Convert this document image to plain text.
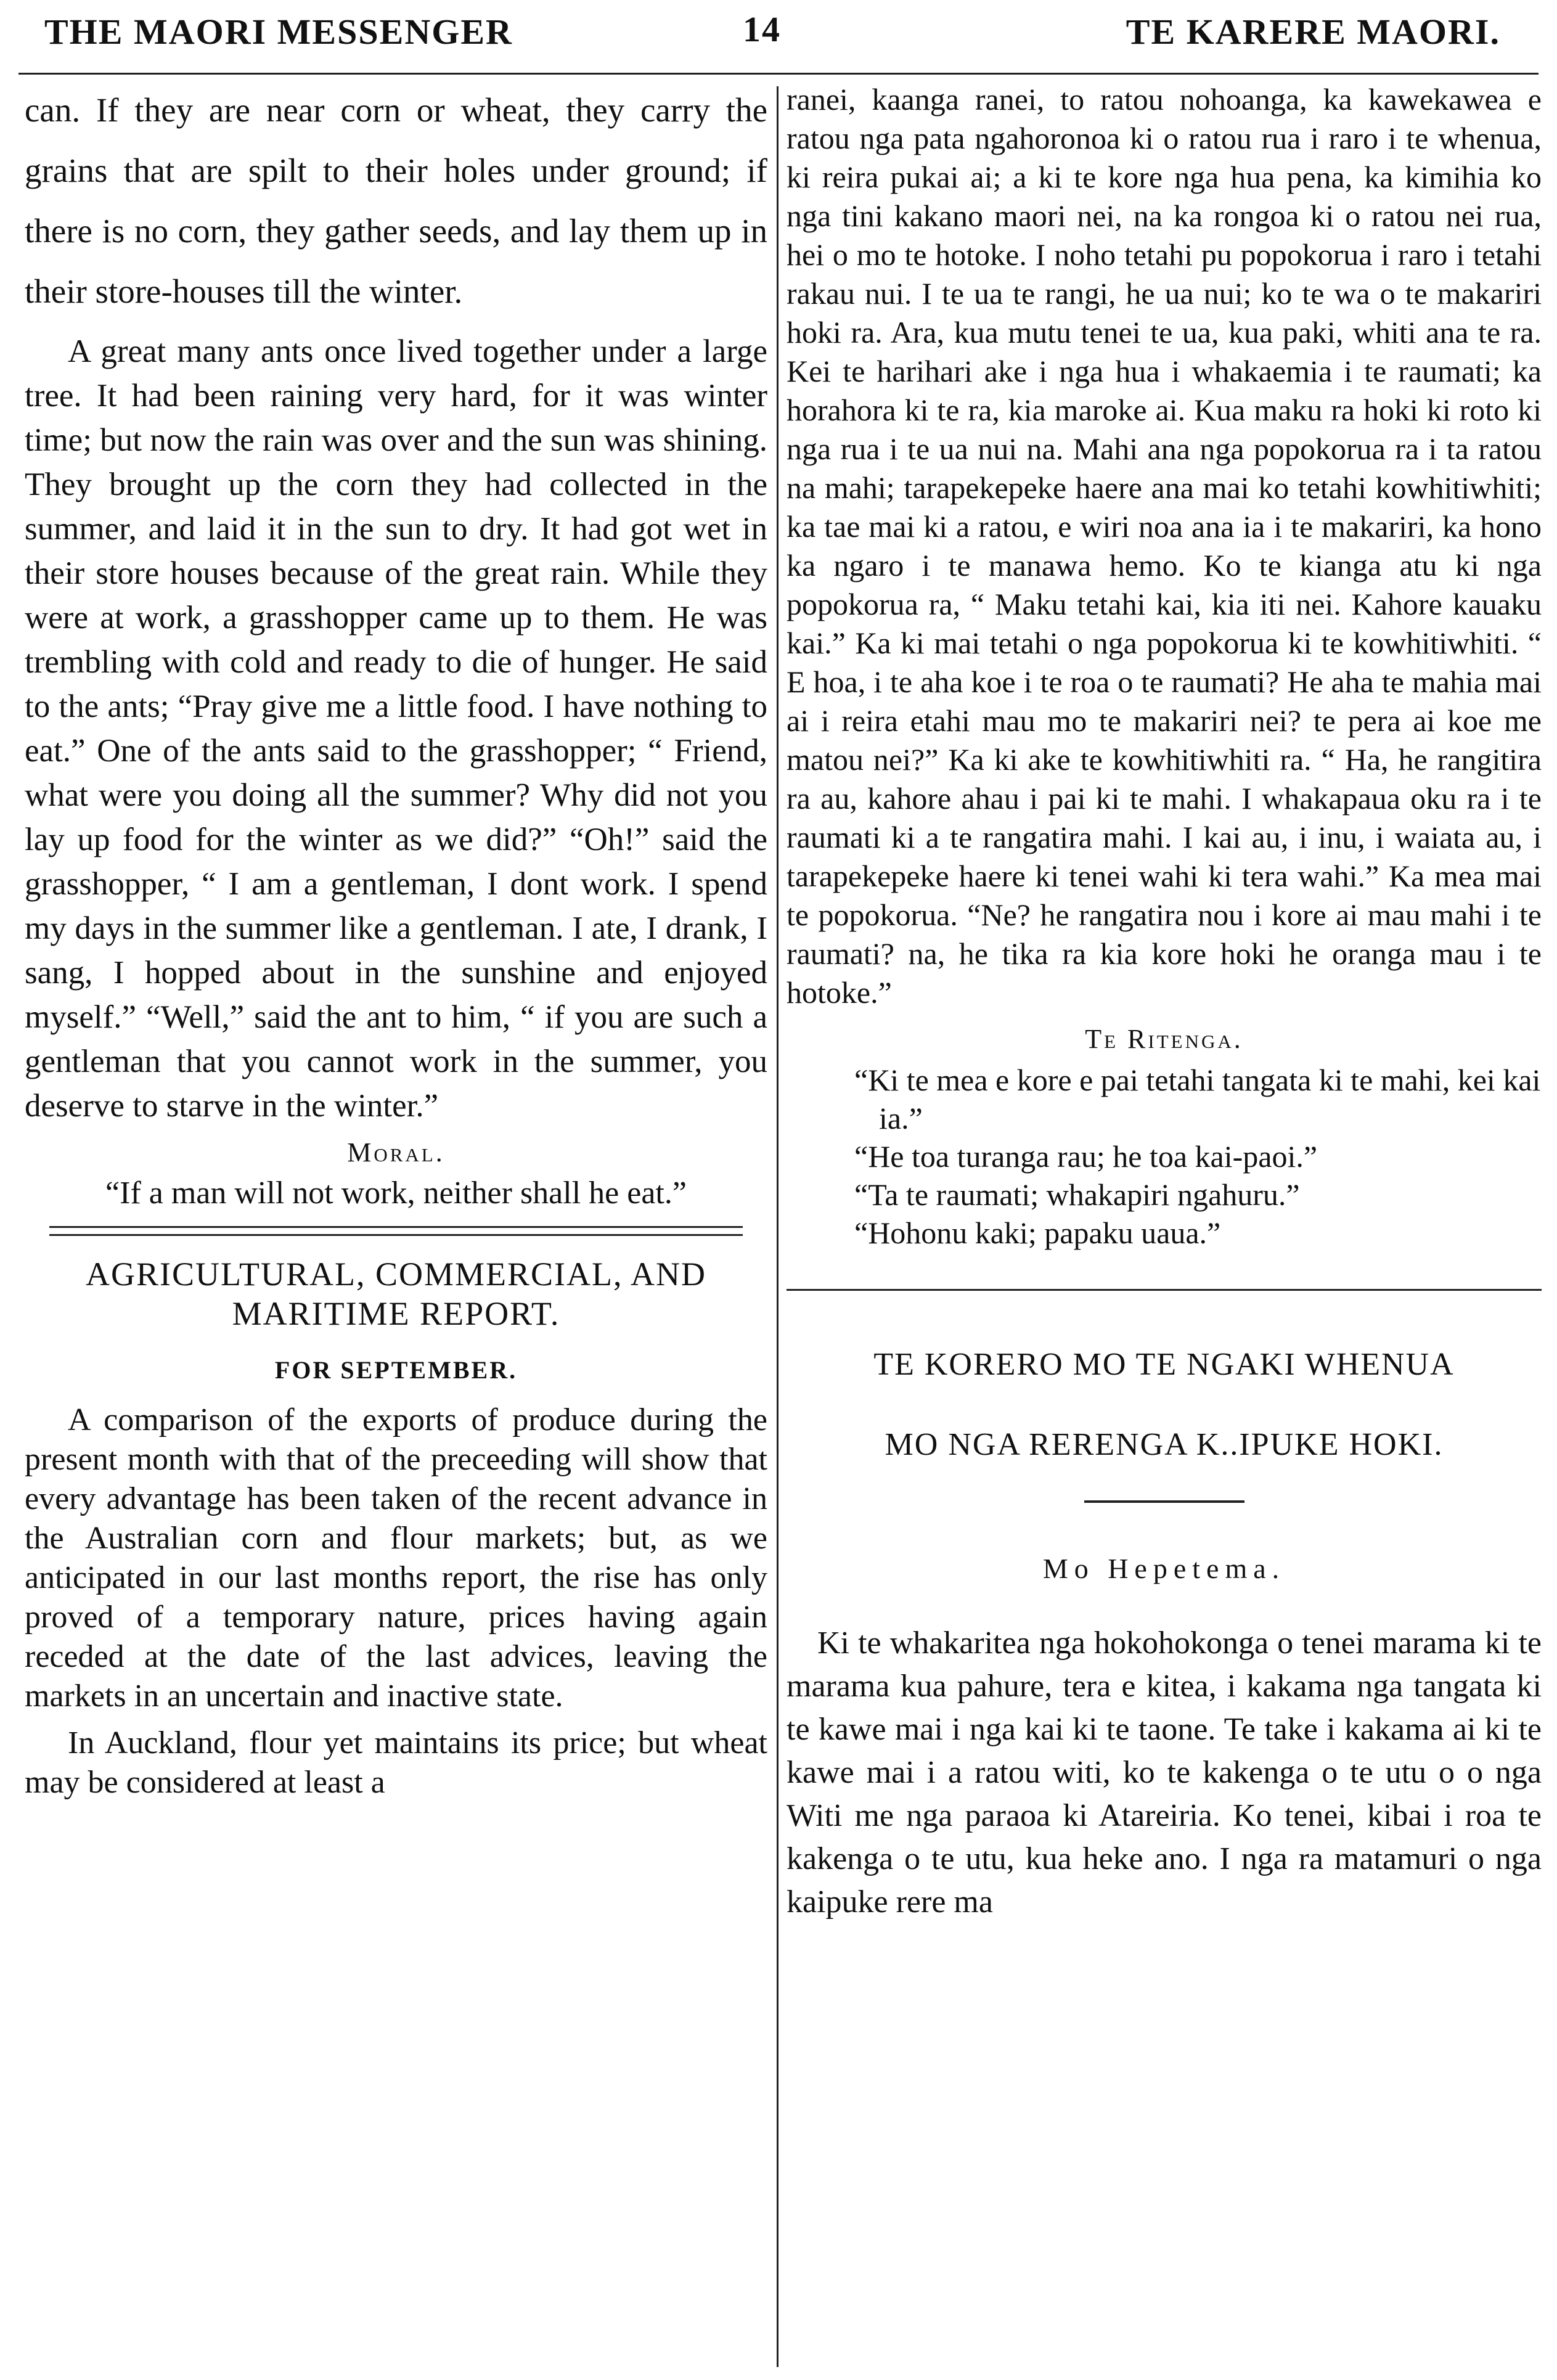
THE MAORI MESSENGER	14	TE KARERE MAORI.

can. If they are near corn or wheat, they carry the grains that are spilt to their holes under ground; if there is no corn, they gather seeds, and lay them up in their store-houses till the winter.

A great many ants once lived together under a large tree. It had been raining very hard, for it was winter time; but now the rain was over and the sun was shining. They brought up the corn they had collected in the summer, and laid it in the sun to dry. It had got wet in their store houses because of the great rain. While they were at work, a grasshopper came up to them. He was trembling with cold and ready to die of hunger. He said to the ants; “Pray give me a little food. I have nothing to eat.” One of the ants said to the grasshopper; “ Friend, what were you doing all the summer? Why did not you lay up food for the winter as we did?” “Oh!” said the grasshopper, “ I am a gentleman, I dont work. I spend my days in the summer like a gentleman. I ate, I drank, I sang, I hopped about in the sunshine and enjoyed myself.” “Well,” said the ant to him, “ if you are such a gentleman that you cannot work in the summer, you deserve to starve in the winter.”

Moral.
“If a man will not work, neither shall he eat.”
AGRICULTURAL, COMMERCIAL, AND MARITIME REPORT.
FOR SEPTEMBER.

A comparison of the exports of produce during the present month with that of the preceeding will show that every advantage has been taken of the recent advance in the Australian corn and flour markets; but, as we anticipated in our last months report, the rise has only proved of a temporary nature, prices having again receded at the date of the last advices, leaving the markets in an uncertain and inactive state.

In Auckland, flour yet maintains its price; but wheat may be considered at least a

ranei, kaanga ranei, to ratou nohoanga, ka kawekawea e ratou nga pata ngahoronoa ki o ratou rua i raro i te whenua, ki reira pukai ai; a ki te kore nga hua pena, ka kimihia ko nga tini kakano maori nei, na ka rongoa ki o ratou nei rua, hei o mo te hotoke. I noho tetahi pu popokorua i raro i tetahi rakau nui. I te ua te rangi, he ua nui; ko te wa o te makariri hoki ra. Ara, kua mutu tenei te ua, kua paki, whiti ana te ra. Kei te harihari ake i nga hua i whakaemia i te raumati; ka horahora ki te ra, kia maroke ai. Kua maku ra hoki ki roto ki nga rua i te ua nui na. Mahi ana nga popokorua ra i ta ratou na mahi; tarapekepeke haere ana mai ko tetahi kowhitiwhiti; ka tae mai ki a ratou, e wiri noa ana ia i te makariri, ka hono ka ngaro i te manawa hemo. Ko te kianga atu ki nga popokorua ra, “ Maku tetahi kai, kia iti nei. Kahore kauaku kai.” Ka ki mai tetahi o nga popokorua ki te kowhitiwhiti. “ E hoa, i te aha koe i te roa o te raumati? He aha te mahia mai ai i reira etahi mau mo te makariri nei? te pera ai koe me matou nei?” Ka ki ake te kowhitiwhiti ra. “ Ha, he rangitira ra au, kahore ahau i pai ki te mahi. I whakapaua oku ra i te raumati ki a te rangatira mahi. I kai au, i inu, i waiata au, i tarapekepeke haere ki tenei wahi ki tera wahi.” Ka mea mai te popokorua. “Ne? he rangatira nou i kore ai mau mahi i te raumati? na, he tika ra kia kore hoki he oranga mau i te hotoke.”

Te Ritenga.

“Ki te mea e kore e pai tetahi tangata ki te mahi, kei kai ia.”

“He toa turanga rau; he toa kai-paoi.”

“Ta te raumati; whakapiri ngahuru.”

“Hohonu kaki; papaku uaua.”

TE KORERO MO TE NGAKI WHENUA
MO NGA RERENGA K..IPUKE HOKI.
Mo Hepetema.

Ki te whakaritea nga hokohokonga o tenei marama ki te marama kua pahure, tera e kitea, i kakama nga tangata ki te kawe mai i nga kai ki te taone. Te take i kakama ai ki te kawe mai i a ratou witi, ko te kakenga o te utu o o nga Witi me nga paraoa ki Atareiria. Ko tenei, kibai i roa te kakenga o te utu, kua heke ano. I nga ra matamuri o nga kaipuke rere ma
